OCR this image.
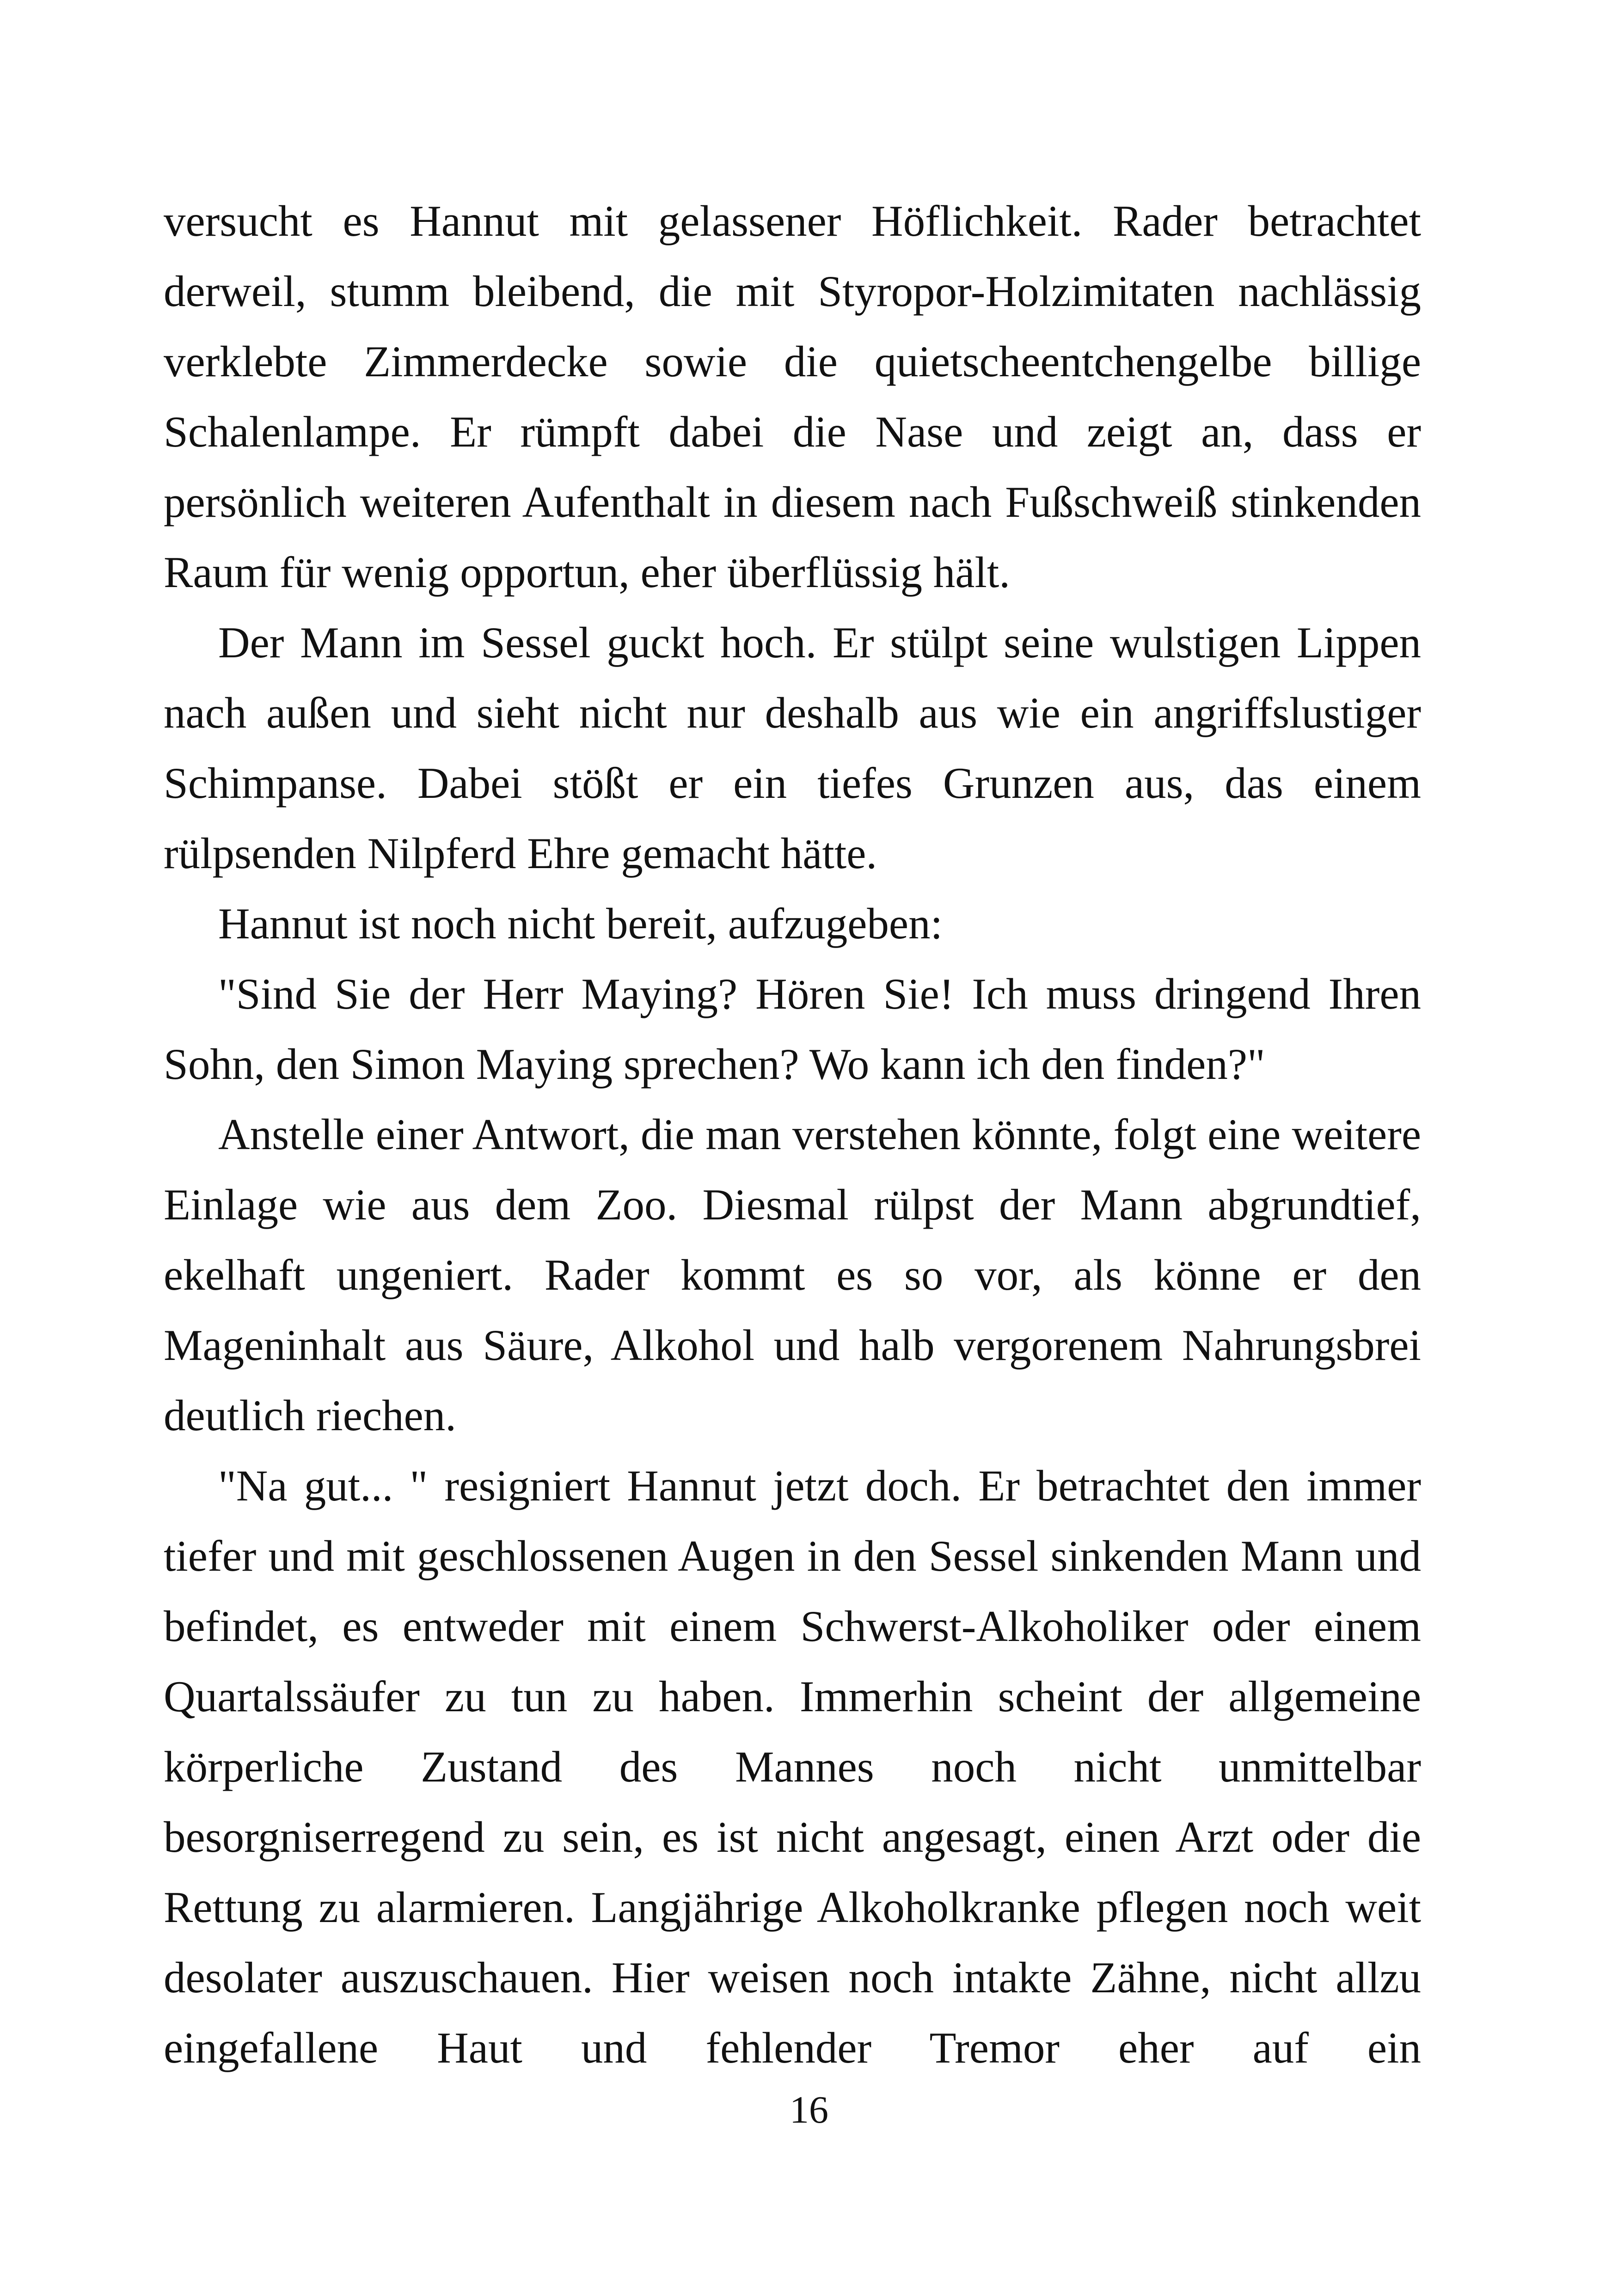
versucht es Hannut mit gelassener Höflichkeit. Rader betrachtet derweil, stumm bleibend, die mit Styropor-Holzimitaten nachlässig verklebte Zimmerdecke sowie die quietscheentchengelbe billige Schalenlampe. Er rümpft dabei die Nase und zeigt an, dass er persönlich weiteren Aufenthalt in diesem nach Fußschweiß stinkenden Raum für wenig opportun, eher überflüssig hält.

Der Mann im Sessel guckt hoch. Er stülpt seine wulstigen Lippen nach außen und sieht nicht nur deshalb aus wie ein angriffslustiger Schimpanse. Dabei stößt er ein tiefes Grunzen aus, das einem rülpsenden Nilpferd Ehre gemacht hätte.

Hannut ist noch nicht bereit, aufzugeben:

"Sind Sie der Herr Maying? Hören Sie! Ich muss dringend Ihren Sohn, den Simon Maying sprechen? Wo kann ich den finden?"

Anstelle einer Antwort, die man verstehen könnte, folgt eine weitere Einlage wie aus dem Zoo. Diesmal rülpst der Mann abgrundtief, ekelhaft ungeniert. Rader kommt es so vor, als könne er den Mageninhalt aus Säure, Alkohol und halb vergorenem Nahrungsbrei deutlich riechen.

"Na gut... " resigniert Hannut jetzt doch. Er betrachtet den immer tiefer und mit geschlossenen Augen in den Sessel sinkenden Mann und befindet, es entweder mit einem Schwerst-Alkoholiker oder einem Quartalssäufer zu tun zu haben. Immerhin scheint der allgemeine körperliche Zustand des Mannes noch nicht unmittelbar besorgniserregend zu sein, es ist nicht angesagt, einen Arzt oder die Rettung zu alarmieren. Langjährige Alkoholkranke pflegen noch weit desolater auszuschauen. Hier weisen noch intakte Zähne, nicht allzu eingefallene Haut und fehlender Tremor eher auf ein

16
